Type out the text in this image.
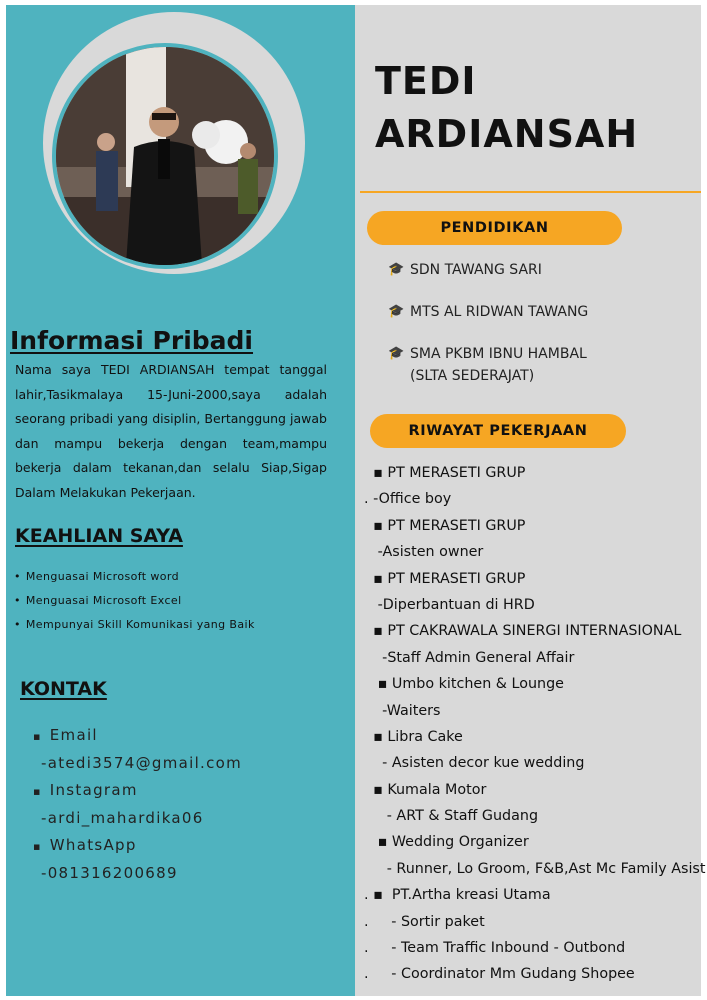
Informasi Pribadi
Nama saya TEDI ARDIANSAH tempat tanggal lahir,Tasikmalaya 15-Juni-2000,saya adalah seorang pribadi yang disiplin, Bertanggung jawab dan mampu bekerja dengan team,mampu bekerja dalam tekanan,dan selalu Siap,Sigap Dalam Melakukan Pekerjaan.
KEAHLIAN SAYA
• Menguasai Microsoft word
• Menguasai Microsoft Excel
• Mempunyai Skill Komunikasi yang Baik
KONTAK
▪ Email
-atedi3574@gmail.com
▪ Instagram
-ardi_mahardika06
▪ WhatsApp
-081316200689
TEDI ARDIANSAH
PENDIDIKAN
🎓 SDN TAWANG SARI
🎓 MTS AL RIDWAN TAWANG
🎓 SMA PKBM IBNU HAMBAL (SLTA SEDERAJAT)
RIWAYAT PEKERJAAN
▪ PT MERASETI GRUP
. -Office boy
▪ PT MERASETI GRUP
-Asisten owner
▪ PT MERASETI GRUP
-Diperbantuan di HRD
▪ PT CAKRAWALA SINERGI INTERNASIONAL
-Staff Admin General Affair
▪ Umbo kitchen & Lounge
-Waiters
▪ Libra Cake
- Asisten decor kue wedding
▪ Kumala Motor
- ART & Staff Gudang
▪ Wedding Organizer
- Runner, Lo Groom, F&B,Ast Mc Family Asist
. ▪  PT.Artha kreasi Utama
.     - Sortir paket
.     - Team Traffic Inbound - Outbond
.     - Coordinator Mm Gudang Shopee
